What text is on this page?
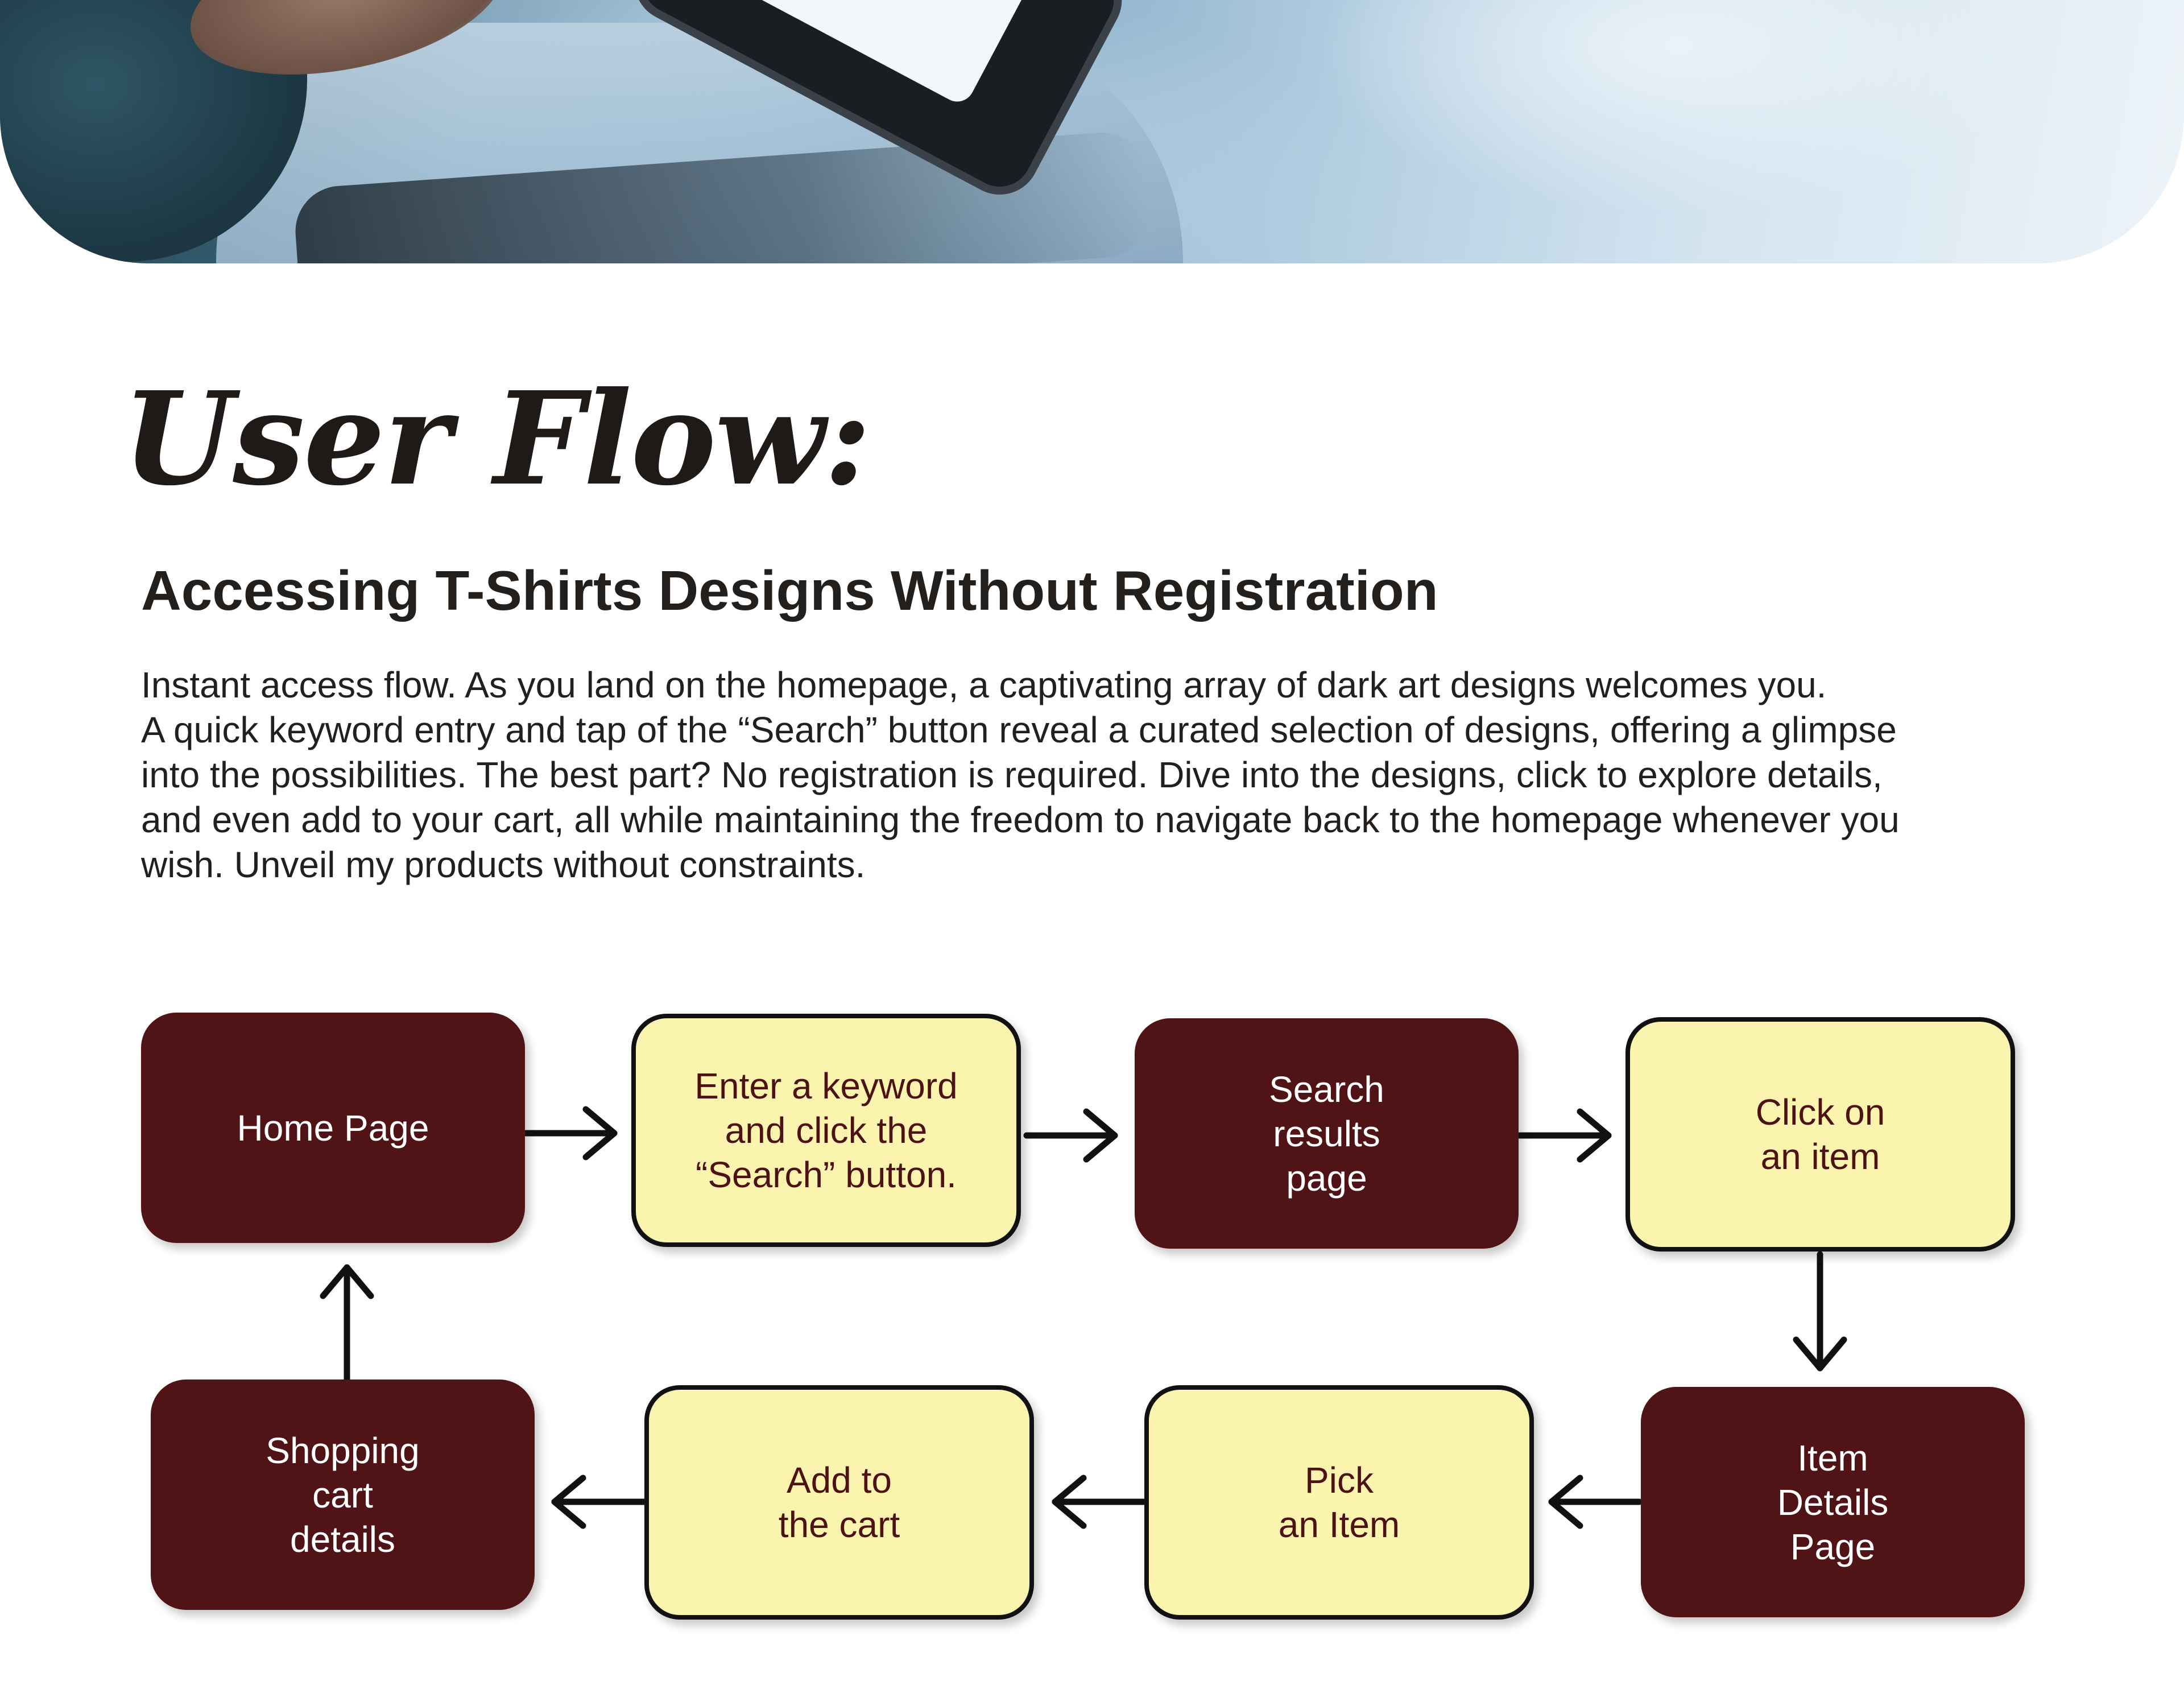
User Flow:
Accessing T-Shirts Designs Without Registration
Instant access flow. As you land on the homepage, a captivating array of dark art designs welcomes you.
A quick keyword entry and tap of the “Search” button reveal a curated selection of designs, offering a glimpse
into the possibilities. The best part? No registration is required. Dive into the designs, click to explore details,
and even add to your cart, all while maintaining the freedom to navigate back to the homepage whenever you
wish. Unveil my products without constraints.
Home Page
Enter a keyword
and click the
“Search” button.
Search
results
page
Click on
an item
Item
Details
Page
Pick
an Item
Add to
the cart
Shopping
cart
details
